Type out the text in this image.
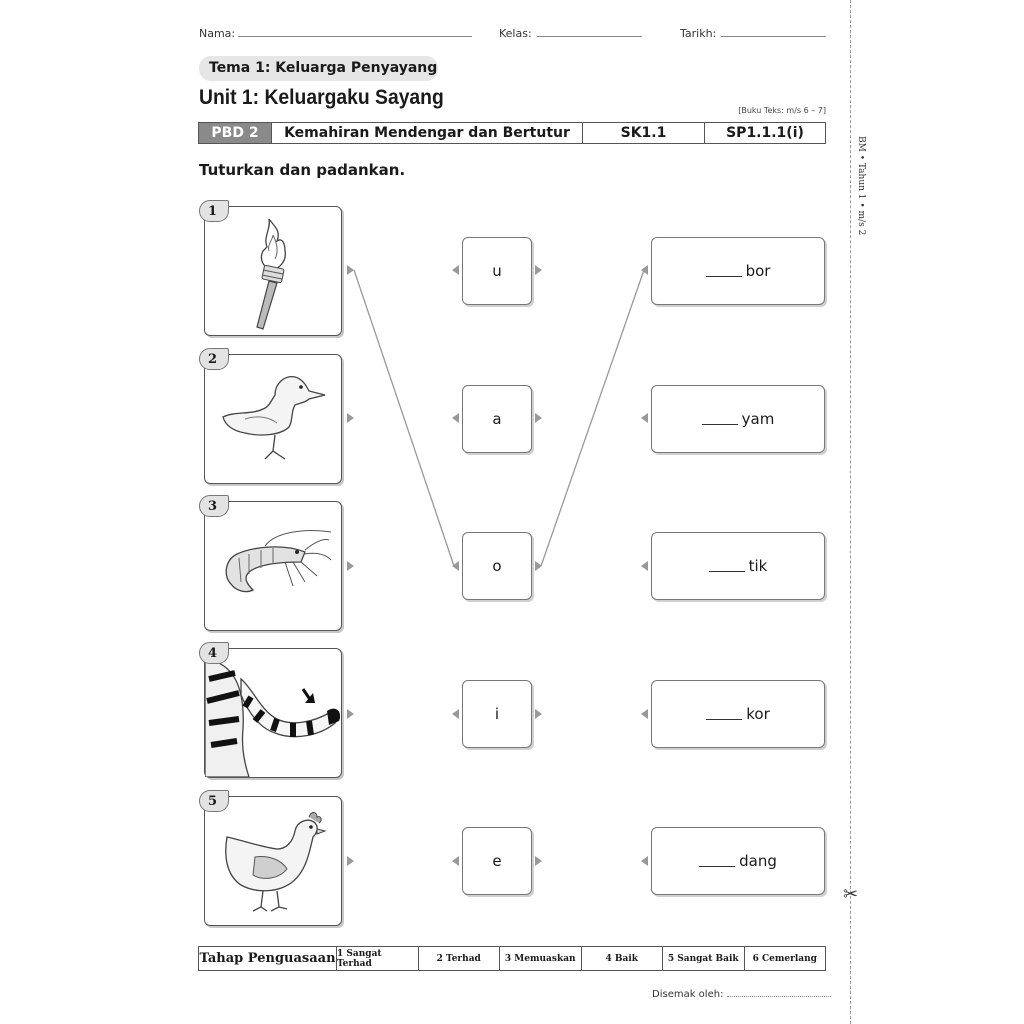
Nama:	Kelas:	Tarikh:
Tema 1: Keluarga Penyayang
Unit 1: Keluargaku Sayang
[Buku Teks: m/s 6 – 7]
PBD 2	Kemahiran Mendengar dan Bertutur	SK1.1	SP1.1.1(i)
Tuturkan dan padankan.
1
2
3
4
5
u
a
o
i
e
bor
yam
tik
kor
dang
Tahap Penguasaan 1 Sangat Terhad	2 Terhad	3 Memuaskan	4 Baik	5 Sangat Baik	6 Cemerlang
Disemak oleh:
BM • Tahun 1 • m/s 2
✂
